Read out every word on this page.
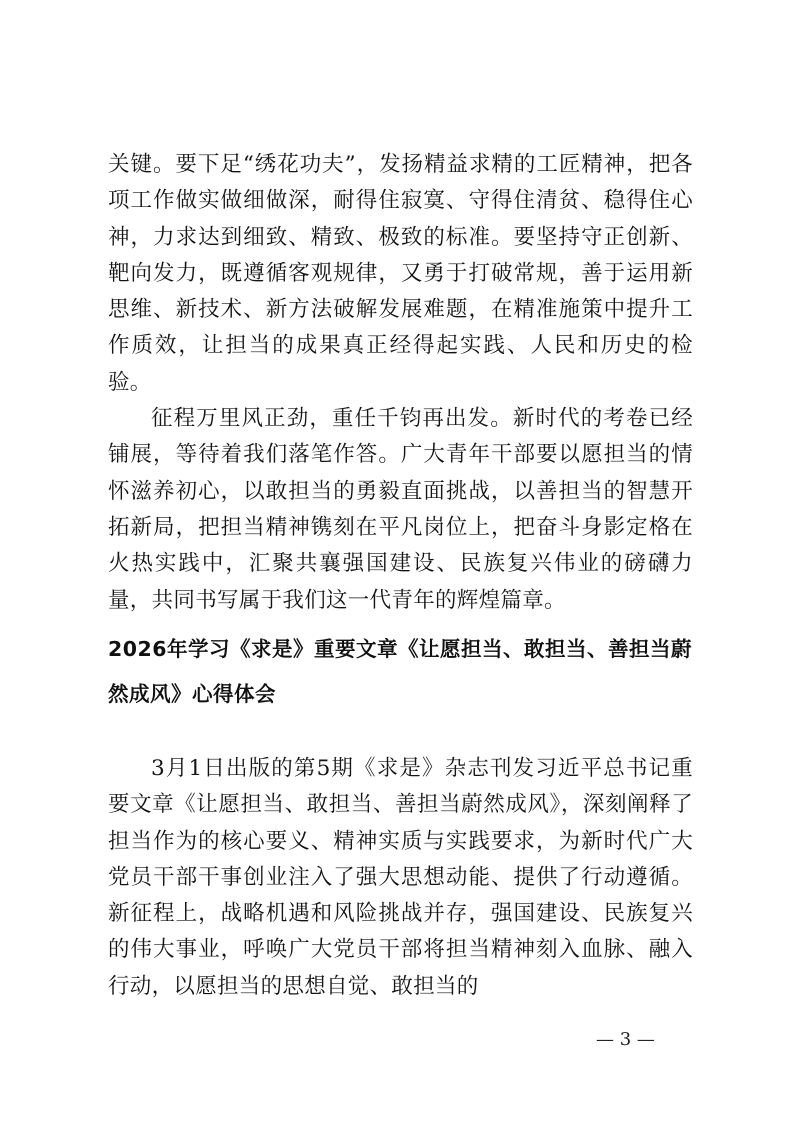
关键。要下足“绣花功夫”，发扬精益求精的工匠精神，把各项工作做实做细做深，耐得住寂寞、守得住清贫、稳得住心神，力求达到细致、精致、极致的标准。要坚持守正创新、靶向发力，既遵循客观规律，又勇于打破常规，善于运用新思维、新技术、新方法破解发展难题，在精准施策中提升工作质效，让担当的成果真正经得起实践、人民和历史的检验。

征程万里风正劲，重任千钧再出发。新时代的考卷已经铺展，等待着我们落笔作答。广大青年干部要以愿担当的情怀滋养初心，以敢担当的勇毅直面挑战，以善担当的智慧开拓新局，把担当精神镌刻在平凡岗位上，把奋斗身影定格在火热实践中，汇聚共襄强国建设、民族复兴伟业的磅礴力量，共同书写属于我们这一代青年的辉煌篇章。

2026年学习《求是》重要文章《让愿担当、敢担当、善担当蔚然成风》心得体会

3月1日出版的第5期《求是》杂志刊发习近平总书记重要文章《让愿担当、敢担当、善担当蔚然成风》，深刻阐释了担当作为的核心要义、精神实质与实践要求，为新时代广大党员干部干事创业注入了强大思想动能、提供了行动遵循。新征程上，战略机遇和风险挑战并存，强国建设、民族复兴的伟大事业，呼唤广大党员干部将担当精神刻入血脉、融入行动，以愿担当的思想自觉、敢担当的

— 3 —
